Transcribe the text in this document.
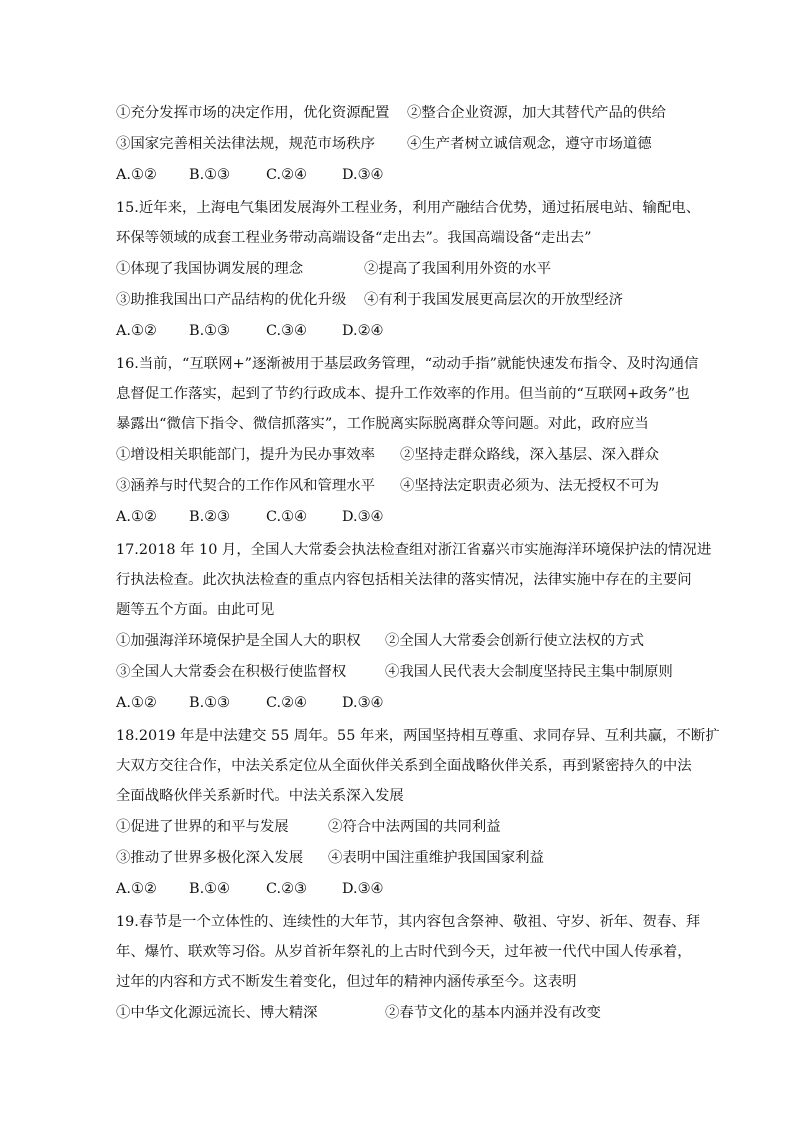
①充分发挥市场的决定作用，优化资源配置 ②整合企业资源，加大其替代产品的供给
③国家完善相关法律法规，规范市场秩序 ④生产者树立诚信观念，遵守市场道德
A.①② B.①③	C.②④ D.③④
15.近年来，上海电气集团发展海外工程业务，利用产融结合优势，通过拓展电站、输配电、
环保等领域的成套工程业务带动高端设备“走出去”。我国高端设备“走出去”
①体现了我国协调发展的理念	②提高了我国利用外资的水平
③助推我国出口产品结构的优化升级 ④有利于我国发展更高层次的开放型经济
A.①② B.①③	C.③④ D.②④
16.当前，“互联网+”逐渐被用于基层政务管理，“动动手指”就能快速发布指令、及时沟通信
息督促工作落实，起到了节约行政成本、提升工作效率的作用。但当前的“互联网+政务”也
暴露出“微信下指令、微信抓落实”，工作脱离实际脱离群众等问题。对此，政府应当
①增设相关职能部门，提升为民办事效率 ②坚持走群众路线，深入基层、深入群众
③涵养与时代契合的工作作风和管理水平 ④坚持法定职责必须为、法无授权不可为
A.①② B.②③	C.①④ D.③④
17.2018 年 10 月，全国人大常委会执法检查组对浙江省嘉兴市实施海洋环境保护法的情况进
行执法检查。此次执法检查的重点内容包括相关法律的落实情况，法律实施中存在的主要问
题等五个方面。由此可见
①加强海洋环境保护是全国人大的职权 ②全国人大常委会创新行使立法权的方式
③全国人大常委会在积极行使监督权	④我国人民代表大会制度坚持民主集中制原则
A.①② B.①③	C.②④ D.③④
18.2019 年是中法建交 55 周年。55 年来，两国坚持相互尊重、求同存异、互利共赢，不断扩
大双方交往合作，中法关系定位从全面伙伴关系到全面战略伙伴关系，再到紧密持久的中法
全面战略伙伴关系新时代。中法关系深入发展
①促进了世界的和平与发展	②符合中法两国的共同利益
③推动了世界多极化深入发展 ④表明中国注重维护我国国家利益
A.①② B.①④	C.②③ D.③④
19.春节是一个立体性的、连续性的大年节，其内容包含祭神、敬祖、守岁、祈年、贺春、拜
年、爆竹、联欢等习俗。从岁首祈年祭礼的上古时代到今天，过年被一代代中国人传承着，
过年的内容和方式不断发生着变化，但过年的精神内涵传承至今。这表明
①中华文化源远流长、博大精深	②春节文化的基本内涵并没有改变
